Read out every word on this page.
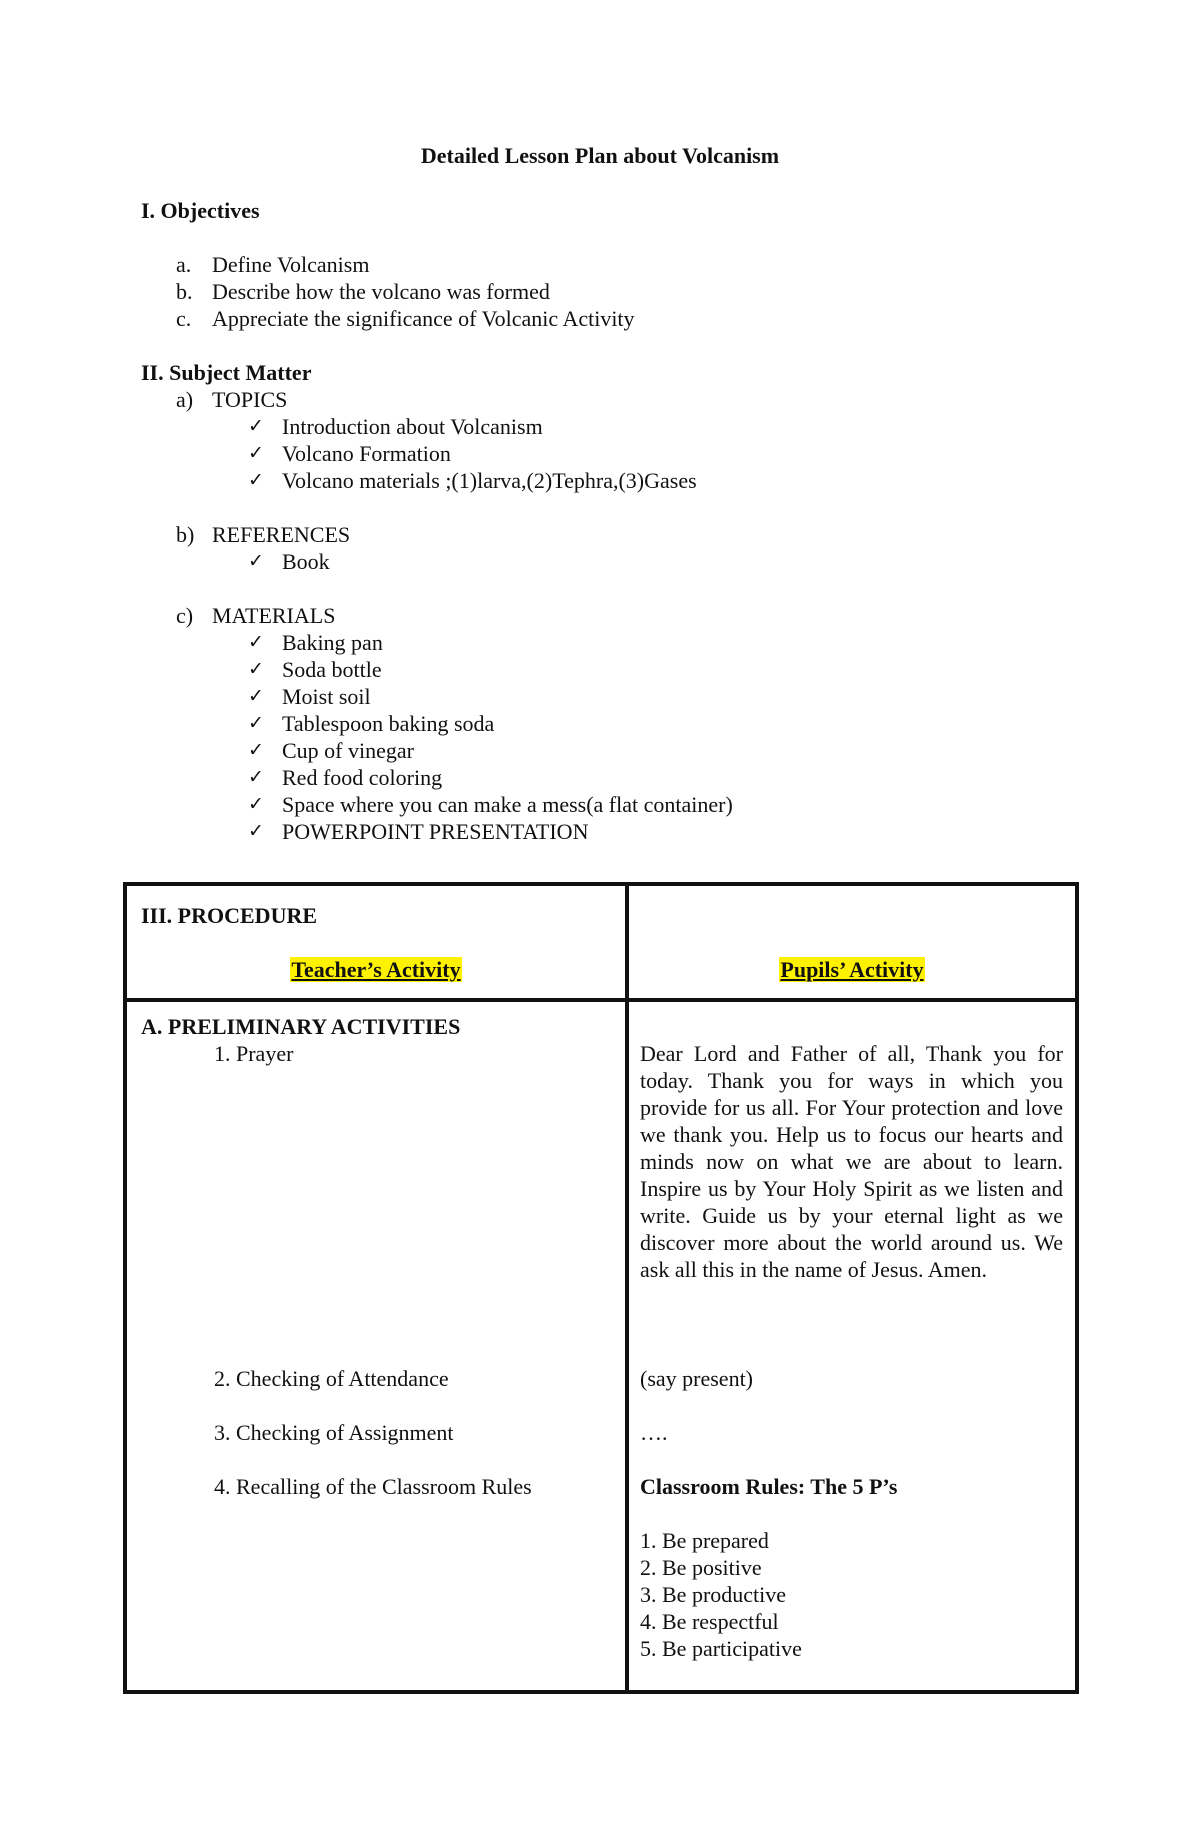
Detailed Lesson Plan about Volcanism
I. Objectives
a. Define Volcanism
b. Describe how the volcano was formed
c. Appreciate the significance of Volcanic Activity
II. Subject Matter
a) TOPICS
✓ Introduction about Volcanism
✓ Volcano Formation
✓ Volcano materials ;(1)larva,(2)Tephra,(3)Gases
b) REFERENCES
✓ Book
c) MATERIALS
✓ Baking pan
✓ Soda bottle
✓ Moist soil
✓ Tablespoon baking soda
✓ Cup of vinegar
✓ Red food coloring
✓ Space where you can make a mess(a flat container)
✓ POWERPOINT PRESENTATION
III. PROCEDURE
Teacher’s Activity	Pupils’ Activity
A. PRELIMINARY ACTIVITIES
1. Prayer
2. Checking of Attendance
3. Checking of Assignment
4. Recalling of the Classroom Rules
Dear Lord and Father of all, Thank you for today. Thank you for ways in which you provide for us all. For Your protection and love we thank you. Help us to focus our hearts and minds now on what we are about to learn. Inspire us by Your Holy Spirit as we listen and write. Guide us by your eternal light as we discover more about the world around us. We ask all this in the name of Jesus. Amen.
(say present)
….
Classroom Rules: The 5 P’s
1. Be prepared
2. Be positive
3. Be productive
4. Be respectful
5. Be participative
